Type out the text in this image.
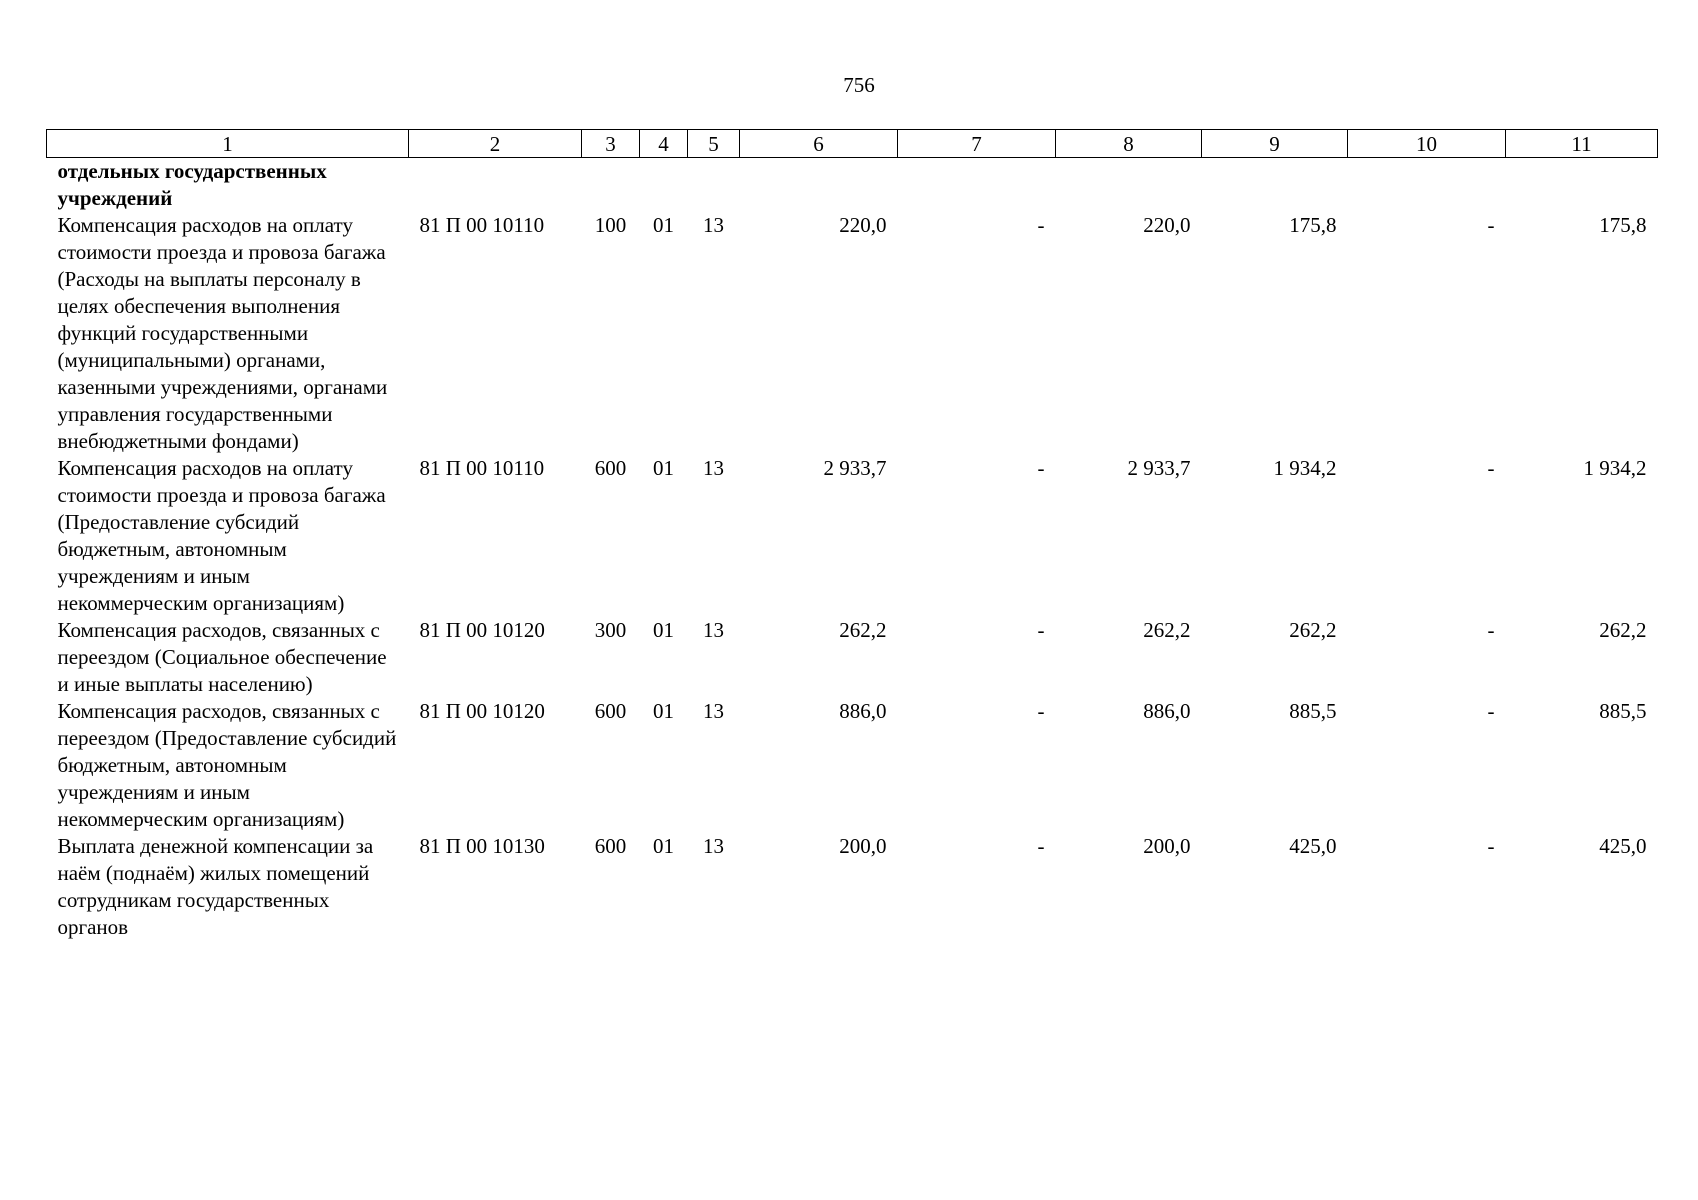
756
1	2	3	4	5	6	7	8	9	10	11
отдельных государственных учреждений										
Компенсация расходов на оплату стоимости проезда и провоза багажа (Расходы на выплаты персоналу в целях обеспечения выполнения функций государственными (муниципальными) органами, казенными учреждениями, органами управления государственными внебюджетными фондами)	81 П 00 10110	100	01	13	220,0	-	220,0	175,8	-	175,8
Компенсация расходов на оплату стоимости проезда и провоза багажа (Предоставление субсидий бюджетным, автономным учреждениям и иным некоммерческим организациям)	81 П 00 10110	600	01	13	2 933,7	-	2 933,7	1 934,2	-	1 934,2
Компенсация расходов, связанных с переездом (Социальное обеспечение и иные выплаты населению)	81 П 00 10120	300	01	13	262,2	-	262,2	262,2	-	262,2
Компенсация расходов, связанных с переездом (Предоставление субсидий бюджетным, автономным учреждениям и иным некоммерческим организациям)	81 П 00 10120	600	01	13	886,0	-	886,0	885,5	-	885,5
Выплата денежной компенсации за наём (поднаём) жилых помещений сотрудникам государственных органов	81 П 00 10130	600	01	13	200,0	-	200,0	425,0	-	425,0
